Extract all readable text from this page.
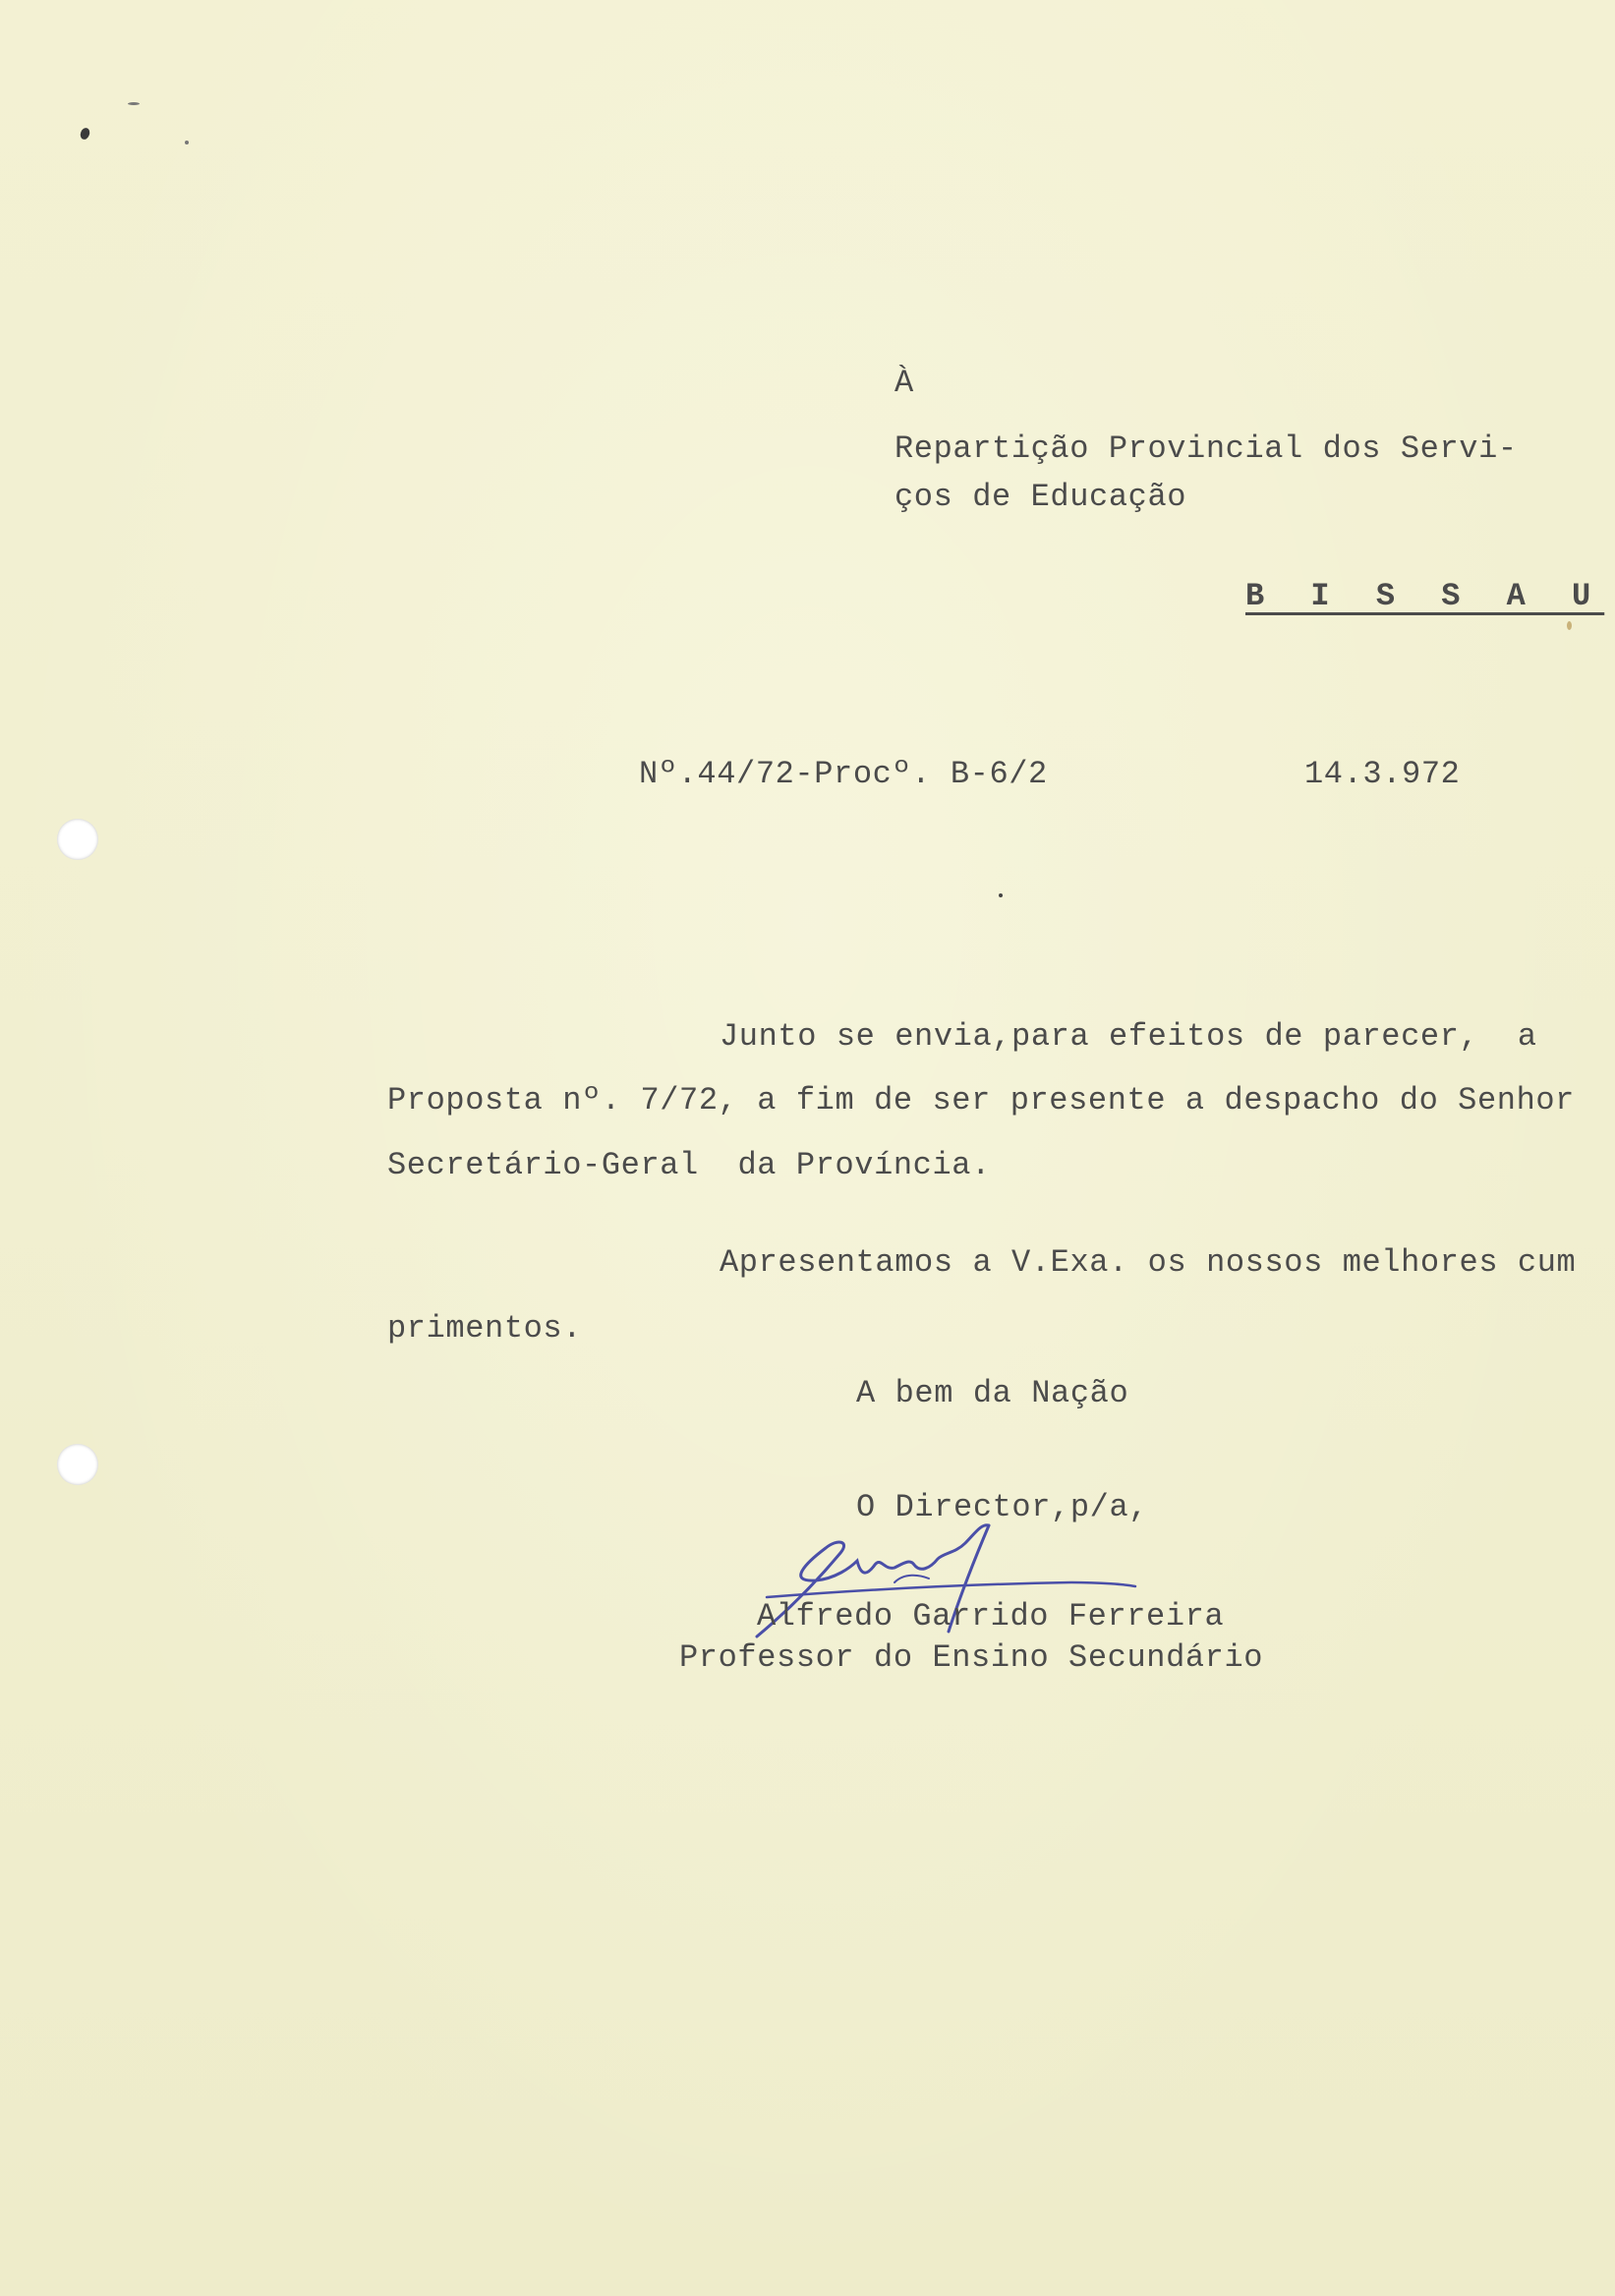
À
Repartição Provincial dos Servi-
ços de Educação
B I S S A U
Nº.44/72-Procº. B-6/2	14.3.972
Junto se envia,para efeitos de parecer,  a
Proposta nº. 7/72, a fim de ser presente a despacho do Senhor
Secretário-Geral  da Província.
Apresentamos a V.Exa. os nossos melhores cum
primentos.
A bem da Nação
O Director,p/a,
Alfredo Garrido Ferreira
Professor do Ensino Secundário
